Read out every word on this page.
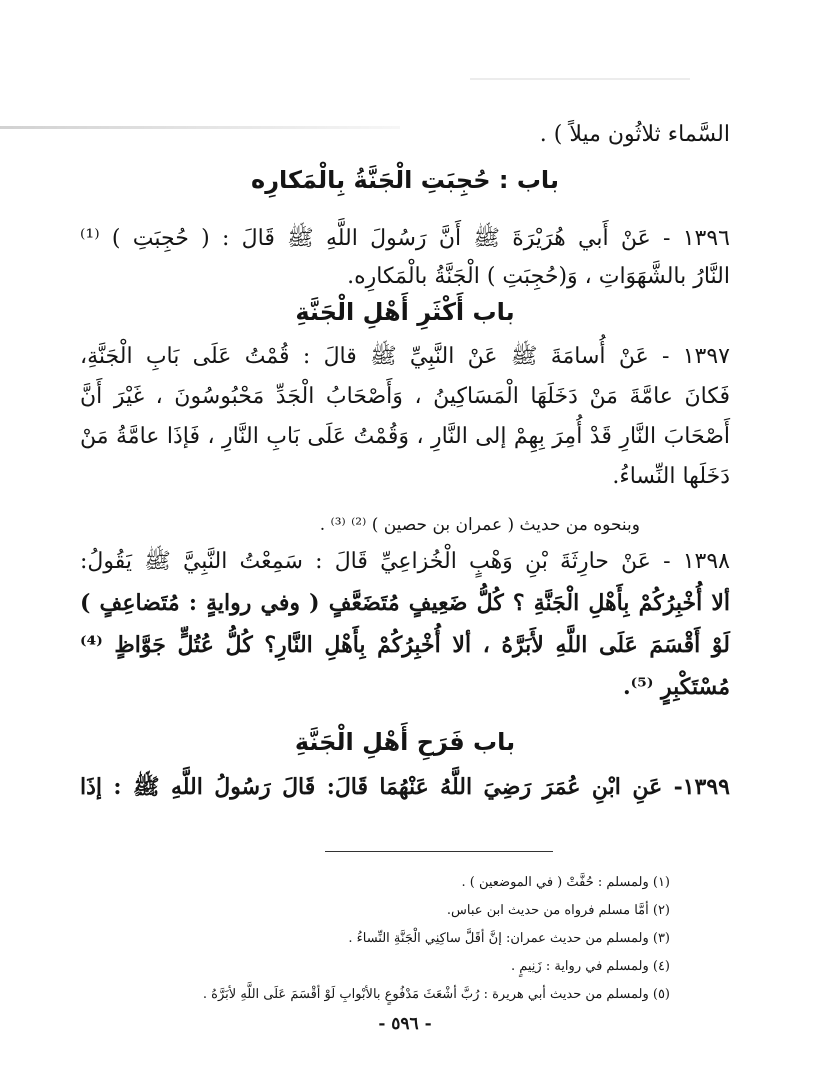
السَّماء ثلاثُون ميلاً ) .
باب : حُجِبَتِ الْجَنَّةُ بِالْمَكارِه
١٣٩٦ - عَنْ أَبي هُرَيْرَةَ ﷺ أَنَّ رَسُولَ اللَّهِ ﷺ قَالَ : ( حُجِبَتِ ) ⁽¹⁾
النَّارُ بالشَّهَوَاتِ ، وَ(حُجِبَتِ ) الْجَنَّةُ بالْمَكارِه.
باب أَكْثَرِ أَهْلِ الْجَنَّةِ
١٣٩٧ - عَنْ أُسامَةَ ﷺ عَنْ النَّبِيِّ ﷺ قالَ : قُمْتُ عَلَى بَابِ الْجَنَّةِ،
فَكانَ عامَّةَ مَنْ دَخَلَهَا الْمَسَاكِينُ ، وَأَصْحَابُ الْجَدِّ مَحْبُوسُونَ ، غَيْرَ أَنَّ
أَصْحَابَ النَّارِ قَدْ أُمِرَ بِهِمْ إلى النَّارِ ، وَقُمْتُ عَلَى بَابِ النَّارِ ، فَإذَا عامَّةُ مَنْ
دَخَلَها النِّساءُ.
وبنحوه من حديث ( عمران بن حصين ) ⁽²⁾ ⁽³⁾ .
١٣٩٨ - عَنْ حارِثَةَ بْنِ وَهْبٍ الْخُزاعِيِّ قَالَ : سَمِعْتُ النَّبِيَّ ﷺ يَقُولُ:
ألا أُخْبِرُكُمْ بِأَهْلِ الْجَنَّةِ ؟ كُلُّ ضَعِيفٍ مُتَضَعَّفٍ ( وفي روايةٍ : مُتَضاعِفٍ )
لَوْ أَقْسَمَ عَلَى اللَّهِ لأَبَرَّهُ ، ألا أُخْبِرُكُمْ بِأَهْلِ النَّارِ؟ كُلُّ عُتُلٍّ جَوَّاظٍ ⁽⁴⁾
مُسْتَكْبِرٍ ⁽⁵⁾.
باب فَرَحِ أَهْلِ الْجَنَّةِ
١٣٩٩- عَنِ ابْنِ عُمَرَ رَضِيَ اللَّهُ عَنْهُمَا قَالَ: قَالَ رَسُولُ اللَّهِ ﷺ : إذَا
(١) ولمسلم : حُفَّتْ ( في الموضعين ) .
(٢) أمَّا مسلم فرواه من حديث ابن عباس.
(٣) ولمسلم من حديث عمران: إنَّ أقَلَّ ساكِنِي الْجَنَّةِ النِّساءُ .
(٤) ولمسلم في رواية : زَنِيمٍ .
(٥) ولمسلم من حديث أبي هريرة : رُبَّ أشْعَثَ مَدْفُوعٍ بالأبْوابِ لَوْ أقْسَمَ عَلَى اللَّهِ لأبَرَّهُ .
- ٥٩٦ -
